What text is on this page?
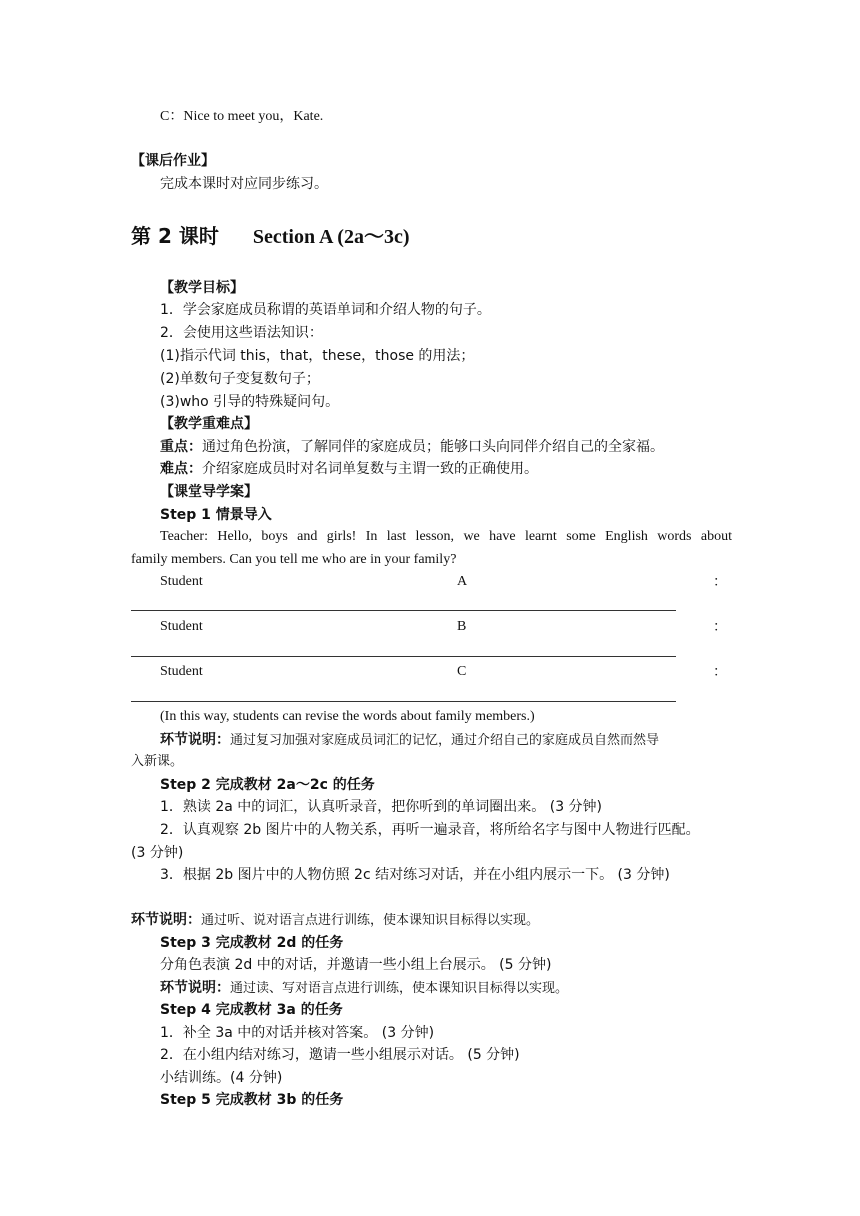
C：Nice to meet you，Kate.
【课后作业】
完成本课时对应同步练习。
第 2 课时 Section A (2a～3c)
【教学目标】
1．学会家庭成员称谓的英语单词和介绍人物的句子。
2．会使用这些语法知识：
(1)指示代词 this，that，these，those 的用法；
(2)单数句子变复数句子；
(3)who 引导的特殊疑问句。
【教学重难点】
重点：通过角色扮演，了解同伴的家庭成员；能够口头向同伴介绍自己的全家福。
难点：介绍家庭成员时对名词单复数与主谓一致的正确使用。
【课堂导学案】
Step 1 情景导入
Teacher: Hello, boys and girls! In last lesson, we have learnt some English words about
family members. Can you tell me who are in your family?
Student	A	：
Student	B	：
Student	C	：
(In this way, students can revise the words about family members.)
环节说明：通过复习加强对家庭成员词汇的记忆，通过介绍自己的家庭成员自然而然导
入新课。
Step 2 完成教材 2a～2c 的任务
1．熟读 2a 中的词汇，认真听录音，把你听到的单词圈出来。 (3 分钟)
2．认真观察 2b 图片中的人物关系，再听一遍录音，将所给名字与图中人物进行匹配。
(3 分钟)
3．根据 2b 图片中的人物仿照 2c 结对练习对话，并在小组内展示一下。 (3 分钟)
环节说明：通过听、说对语言点进行训练，使本课知识目标得以实现。
Step 3 完成教材 2d 的任务
分角色表演 2d 中的对话，并邀请一些小组上台展示。 (5 分钟)
环节说明：通过读、写对语言点进行训练，使本课知识目标得以实现。
Step 4 完成教材 3a 的任务
1．补全 3a 中的对话并核对答案。 (3 分钟)
2．在小组内结对练习，邀请一些小组展示对话。 (5 分钟)
小结训练。(4 分钟)
Step 5 完成教材 3b 的任务
